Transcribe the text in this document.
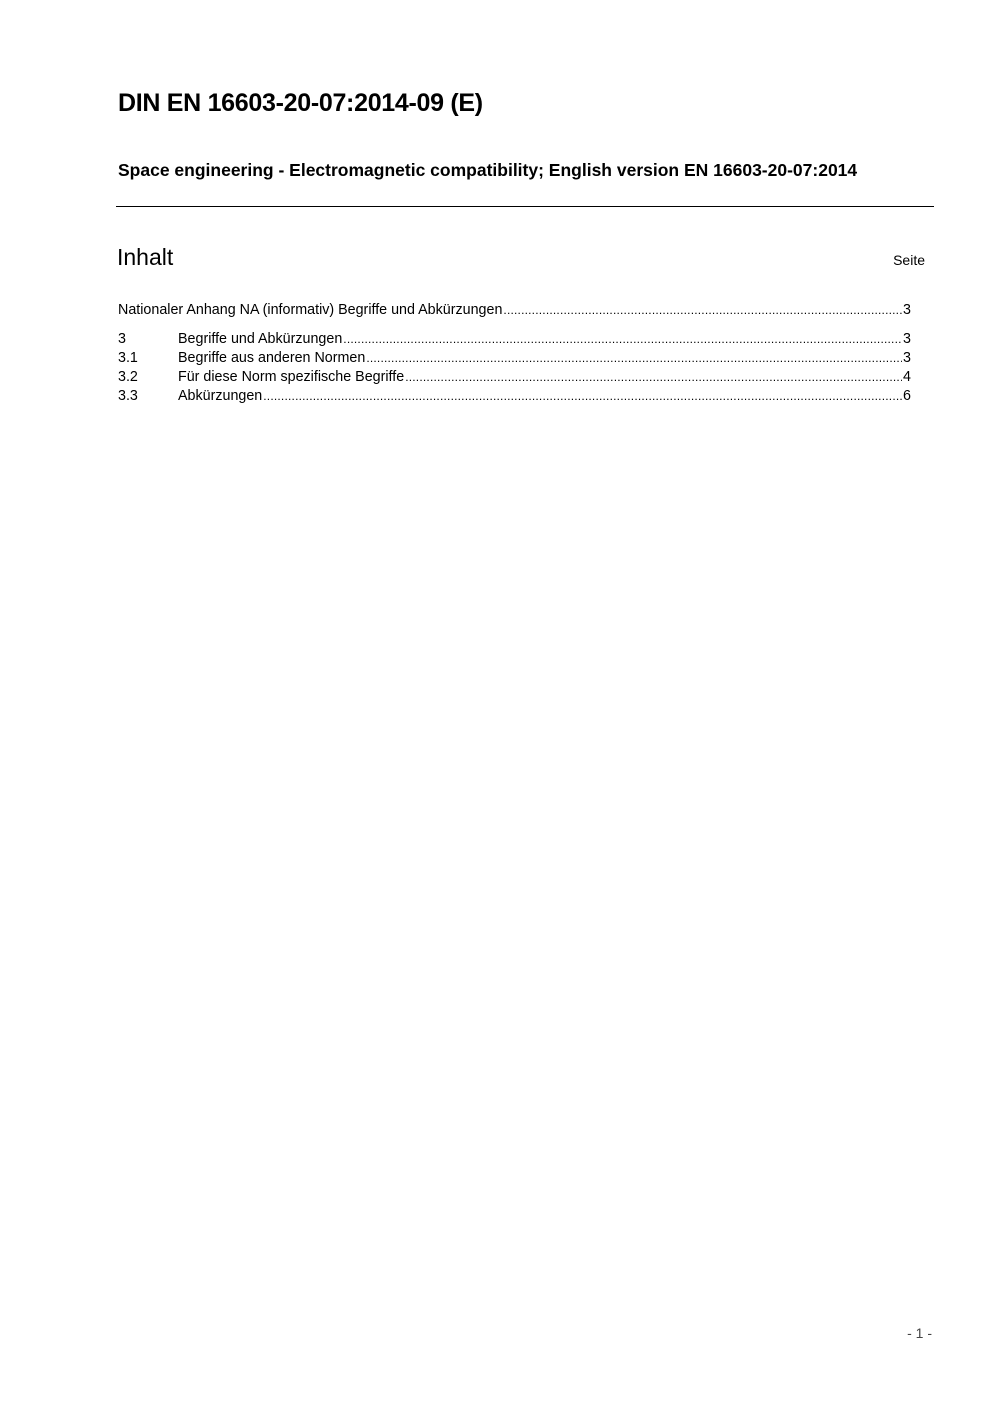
DIN EN 16603-20-07:2014-09 (E)
Space engineering - Electromagnetic compatibility; English version EN 16603-20-07:2014
Inhalt	Seite
Nationaler Anhang NA (informativ) Begriffe und Abkürzungen .....	3
3	Begriffe und Abkürzungen .....	3
3.1	Begriffe aus anderen Normen .....	3
3.2	Für diese Norm spezifische Begriffe .....	4
3.3	Abkürzungen .....	6
- 1 -
